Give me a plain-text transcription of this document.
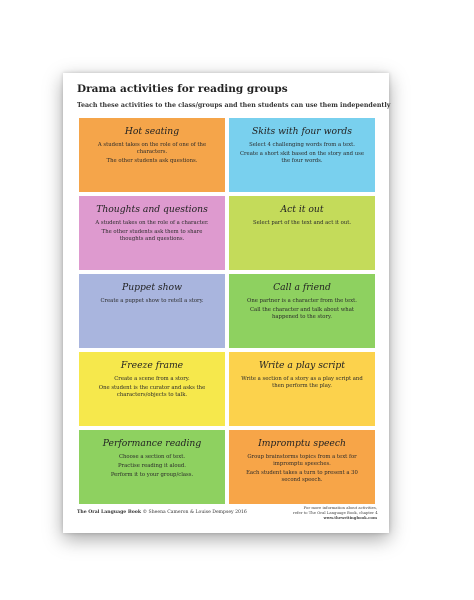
Drama activities for reading groups
Teach these activities to the class/groups and then students can use them independently
Hot seating
A student takes on the role of one of the characters.
The other students ask questions.
Skits with four words
Select 4 challenging words from a text.
Create a short skit based on the story and use the four words.
Thoughts and questions
A student takes on the role of a character.
The other students ask them to share thoughts and questions.
Act it out
Select part of the text and act it out.
Puppet show
Create a puppet show to retell a story.
Call a friend
One partner is a character from the text.
Call the character and talk about what happened to the story.
Freeze frame
Create a scene from a story.
One student is the curator and asks the characters/objects to talk.
Write a play script
Write a section of a story as a play script and then perform the play.
Performance reading
Choose a section of text.
Practise reading it aloud.
Perform it to your group/class.
Impromptu speech
Group brainstorms topics from a text for impromptu speeches.
Each student takes a turn to present a 30 second speech.
The Oral Language Book © Sheena Cameron & Louise Dempsey 2016
For more information about activities,
refer to The Oral Language Book, chapter 4
www.thewritingbook.com
